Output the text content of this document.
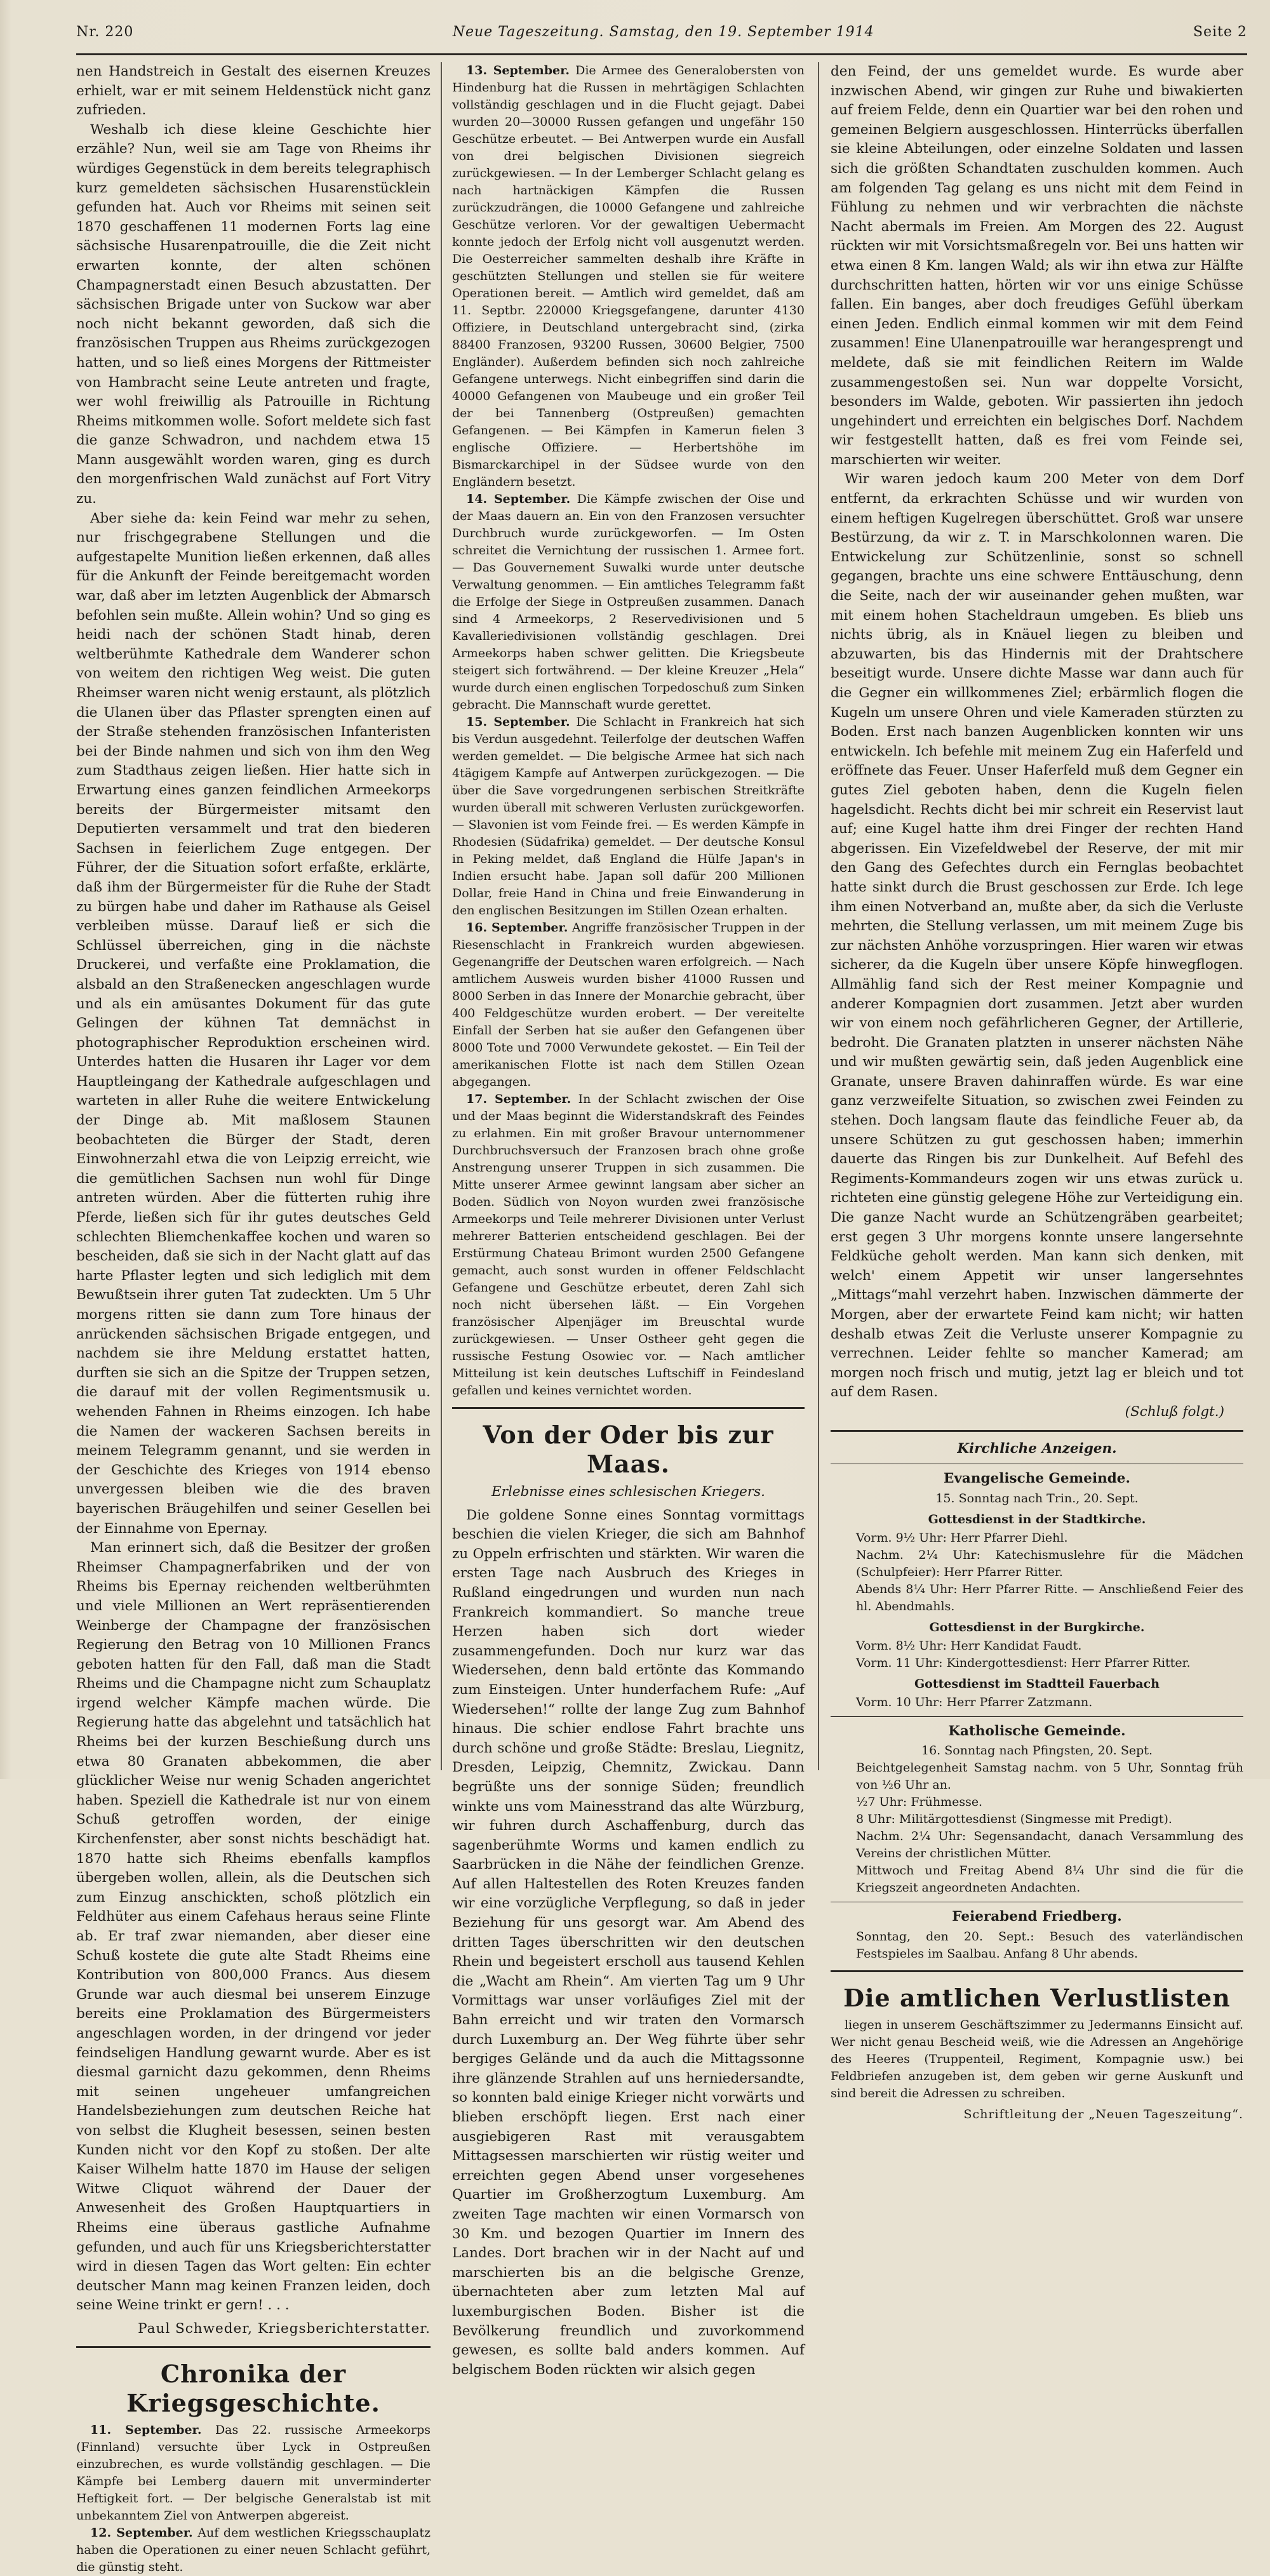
Nr. 220	Neue Tageszeitung. Samstag, den 19. September 1914	Seite 2

nen Handstreich in Gestalt des eisernen Kreuzes erhielt, war er mit seinem Heldenstück nicht ganz zufrieden.

Weshalb ich diese kleine Geschichte hier erzähle? Nun, weil sie am Tage von Rheims ihr würdiges Gegenstück in dem bereits telegraphisch kurz gemeldeten sächsischen Husarenstücklein gefunden hat. Auch vor Rheims mit seinen seit 1870 geschaffenen 11 modernen Forts lag eine sächsische Husarenpatrouille, die die Zeit nicht erwarten konnte, der alten schönen Champagnerstadt einen Besuch abzustatten. Der sächsischen Brigade unter von Suckow war aber noch nicht bekannt geworden, daß sich die französischen Truppen aus Rheims zurückgezogen hatten, und so ließ eines Morgens der Rittmeister von Hambracht seine Leute antreten und fragte, wer wohl freiwillig als Patrouille in Richtung Rheims mitkommen wolle. Sofort meldete sich fast die ganze Schwadron, und nachdem etwa 15 Mann ausgewählt worden waren, ging es durch den morgenfrischen Wald zunächst auf Fort Vitry zu.

Aber siehe da: kein Feind war mehr zu sehen, nur frischgegrabene Stellungen und die aufgestapelte Munition ließen erkennen, daß alles für die Ankunft der Feinde bereitgemacht worden war, daß aber im letzten Augenblick der Abmarsch befohlen sein mußte. Allein wohin? Und so ging es heidi nach der schönen Stadt hinab, deren weltberühmte Kathedrale dem Wanderer schon von weitem den richtigen Weg weist. Die guten Rheimser waren nicht wenig erstaunt, als plötzlich die Ulanen über das Pflaster sprengten einen auf der Straße stehenden französischen Infanteristen bei der Binde nahmen und sich von ihm den Weg zum Stadthaus zeigen ließen. Hier hatte sich in Erwartung eines ganzen feindlichen Armeekorps bereits der Bürgermeister mitsamt den Deputierten versammelt und trat den biederen Sachsen in feierlichem Zuge entgegen. Der Führer, der die Situation sofort erfaßte, erklärte, daß ihm der Bürgermeister für die Ruhe der Stadt zu bürgen habe und daher im Rathause als Geisel verbleiben müsse. Darauf ließ er sich die Schlüssel überreichen, ging in die nächste Druckerei, und verfaßte eine Proklamation, die alsbald an den Straßenecken angeschlagen wurde und als ein amüsantes Dokument für das gute Gelingen der kühnen Tat demnächst in photographischer Reproduktion erscheinen wird. Unterdes hatten die Husaren ihr Lager vor dem Hauptleingang der Kathedrale aufgeschlagen und warteten in aller Ruhe die weitere Entwickelung der Dinge ab. Mit maßlosem Staunen beobachteten die Bürger der Stadt, deren Einwohnerzahl etwa die von Leipzig erreicht, wie die gemütlichen Sachsen nun wohl für Dinge antreten würden. Aber die fütterten ruhig ihre Pferde, ließen sich für ihr gutes deutsches Geld schlechten Bliemchenkaffee kochen und waren so bescheiden, daß sie sich in der Nacht glatt auf das harte Pflaster legten und sich lediglich mit dem Bewußtsein ihrer guten Tat zudeckten. Um 5 Uhr morgens ritten sie dann zum Tore hinaus der anrückenden sächsischen Brigade entgegen, und nachdem sie ihre Meldung erstattet hatten, durften sie sich an die Spitze der Truppen setzen, die darauf mit der vollen Regimentsmusik u. wehenden Fahnen in Rheims einzogen. Ich habe die Namen der wackeren Sachsen bereits in meinem Telegramm genannt, und sie werden in der Geschichte des Krieges von 1914 ebenso unvergessen bleiben wie die des braven bayerischen Bräugehilfen und seiner Gesellen bei der Einnahme von Epernay.

Man erinnert sich, daß die Besitzer der großen Rheimser Champagnerfabriken und der von Rheims bis Epernay reichenden weltberühmten und viele Millionen an Wert repräsentierenden Weinberge der Champagne der französischen Regierung den Betrag von 10 Millionen Francs geboten hatten für den Fall, daß man die Stadt Rheims und die Champagne nicht zum Schauplatz irgend welcher Kämpfe machen würde. Die Regierung hatte das abgelehnt und tatsächlich hat Rheims bei der kurzen Beschießung durch uns etwa 80 Granaten abbekommen, die aber glücklicher Weise nur wenig Schaden angerichtet haben. Speziell die Kathedrale ist nur von einem Schuß getroffen worden, der einige Kirchenfenster, aber sonst nichts beschädigt hat. 1870 hatte sich Rheims ebenfalls kampflos übergeben wollen, allein, als die Deutschen sich zum Einzug anschickten, schoß plötzlich ein Feldhüter aus einem Cafehaus heraus seine Flinte ab. Er traf zwar niemanden, aber dieser eine Schuß kostete die gute alte Stadt Rheims eine Kontribution von 800,000 Francs. Aus diesem Grunde war auch diesmal bei unserem Einzuge bereits eine Proklamation des Bürgermeisters angeschlagen worden, in der dringend vor jeder feindseligen Handlung gewarnt wurde. Aber es ist diesmal garnicht dazu gekommen, denn Rheims mit seinen ungeheuer umfangreichen Handelsbeziehungen zum deutschen Reiche hat von selbst die Klugheit besessen, seinen besten Kunden nicht vor den Kopf zu stoßen. Der alte Kaiser Wilhelm hatte 1870 im Hause der seligen Witwe Cliquot während der Dauer der Anwesenheit des Großen Hauptquartiers in Rheims eine überaus gastliche Aufnahme gefunden, und auch für uns Kriegsberichterstatter wird in diesen Tagen das Wort gelten: Ein echter deutscher Mann mag keinen Franzen leiden, doch seine Weine trinkt er gern! . . .

Paul Schweder, Kriegsberichterstatter.
Chronika der Kriegsgeschichte.

11. September. Das 22. russische Armeekorps (Finnland) versuchte über Lyck in Ostpreußen einzubrechen, es wurde vollständig geschlagen. — Die Kämpfe bei Lemberg dauern mit unverminderter Heftigkeit fort. — Der belgische Generalstab ist mit unbekanntem Ziel von Antwerpen abgereist.

12. September. Auf dem westlichen Kriegsschauplatz haben die Operationen zu einer neuen Schlacht geführt, die günstig steht.

13. September. Die Armee des Generalobersten von Hindenburg hat die Russen in mehrtägigen Schlachten vollständig geschlagen und in die Flucht gejagt. Dabei wurden 20—30000 Russen gefangen und ungefähr 150 Geschütze erbeutet. — Bei Antwerpen wurde ein Ausfall von drei belgischen Divisionen siegreich zurückgewiesen. — In der Lemberger Schlacht gelang es nach hartnäckigen Kämpfen die Russen zurückzudrängen, die 10000 Gefangene und zahlreiche Geschütze verloren. Vor der gewaltigen Uebermacht konnte jedoch der Erfolg nicht voll ausgenutzt werden. Die Oesterreicher sammelten deshalb ihre Kräfte in geschützten Stellungen und stellen sie für weitere Operationen bereit. — Amtlich wird gemeldet, daß am 11. Septbr. 220000 Kriegsgefangene, darunter 4130 Offiziere, in Deutschland untergebracht sind, (zirka 88400 Franzosen, 93200 Russen, 30600 Belgier, 7500 Engländer). Außerdem befinden sich noch zahlreiche Gefangene unterwegs. Nicht einbegriffen sind darin die 40000 Gefangenen von Maubeuge und ein großer Teil der bei Tannenberg (Ostpreußen) gemachten Gefangenen. — Bei Kämpfen in Kamerun fielen 3 englische Offiziere. — Herbertshöhe im Bismarckarchipel in der Südsee wurde von den Engländern besetzt.

14. September. Die Kämpfe zwischen der Oise und der Maas dauern an. Ein von den Franzosen versuchter Durchbruch wurde zurückgeworfen. — Im Osten schreitet die Vernichtung der russischen 1. Armee fort. — Das Gouvernement Suwalki wurde unter deutsche Verwaltung genommen. — Ein amtliches Telegramm faßt die Erfolge der Siege in Ostpreußen zusammen. Danach sind 4 Armeekorps, 2 Reservedivisionen und 5 Kavalleriedivisionen vollständig geschlagen. Drei Armeekorps haben schwer gelitten. Die Kriegsbeute steigert sich fortwährend. — Der kleine Kreuzer „Hela“ wurde durch einen englischen Torpedoschuß zum Sinken gebracht. Die Mannschaft wurde gerettet.

15. September. Die Schlacht in Frankreich hat sich bis Verdun ausgedehnt. Teilerfolge der deutschen Waffen werden gemeldet. — Die belgische Armee hat sich nach 4tägigem Kampfe auf Antwerpen zurückgezogen. — Die über die Save vorgedrungenen serbischen Streitkräfte wurden überall mit schweren Verlusten zurückgeworfen. — Slavonien ist vom Feinde frei. — Es werden Kämpfe in Rhodesien (Südafrika) gemeldet. — Der deutsche Konsul in Peking meldet, daß England die Hülfe Japan's in Indien ersucht habe. Japan soll dafür 200 Millionen Dollar, freie Hand in China und freie Einwanderung in den englischen Besitzungen im Stillen Ozean erhalten.

16. September. Angriffe französischer Truppen in der Riesenschlacht in Frankreich wurden abgewiesen. Gegenangriffe der Deutschen waren erfolgreich. — Nach amtlichem Ausweis wurden bisher 41000 Russen und 8000 Serben in das Innere der Monarchie gebracht, über 400 Feldgeschütze wurden erobert. — Der vereitelte Einfall der Serben hat sie außer den Gefangenen über 8000 Tote und 7000 Verwundete gekostet. — Ein Teil der amerikanischen Flotte ist nach dem Stillen Ozean abgegangen.

17. September. In der Schlacht zwischen der Oise und der Maas beginnt die Widerstandskraft des Feindes zu erlahmen. Ein mit großer Bravour unternommener Durchbruchsversuch der Franzosen brach ohne große Anstrengung unserer Truppen in sich zusammen. Die Mitte unserer Armee gewinnt langsam aber sicher an Boden. Südlich von Noyon wurden zwei französische Armeekorps und Teile mehrerer Divisionen unter Verlust mehrerer Batterien entscheidend geschlagen. Bei der Erstürmung Chateau Brimont wurden 2500 Gefangene gemacht, auch sonst wurden in offener Feldschlacht Gefangene und Geschütze erbeutet, deren Zahl sich noch nicht übersehen läßt. — Ein Vorgehen französischer Alpenjäger im Breuschtal wurde zurückgewiesen. — Unser Ostheer geht gegen die russische Festung Osowiec vor. — Nach amtlicher Mitteilung ist kein deutsches Luftschiff in Feindesland gefallen und keines vernichtet worden.

Von der Oder bis zur Maas.
Erlebnisse eines schlesischen Kriegers.

Die goldene Sonne eines Sonntag vormittags beschien die vielen Krieger, die sich am Bahnhof zu Oppeln erfrischten und stärkten. Wir waren die ersten Tage nach Ausbruch des Krieges in Rußland eingedrungen und wurden nun nach Frankreich kommandiert. So manche treue Herzen haben sich dort wieder zusammengefunden. Doch nur kurz war das Wiedersehen, denn bald ertönte das Kommando zum Einsteigen. Unter hunderfachem Rufe: „Auf Wiedersehen!“ rollte der lange Zug zum Bahnhof hinaus. Die schier endlose Fahrt brachte uns durch schöne und große Städte: Breslau, Liegnitz, Dresden, Leipzig, Chemnitz, Zwickau. Dann begrüßte uns der sonnige Süden; freundlich winkte uns vom Mainesstrand das alte Würzburg, wir fuhren durch Aschaffenburg, durch das sagenberühmte Worms und kamen endlich zu Saarbrücken in die Nähe der feindlichen Grenze. Auf allen Haltestellen des Roten Kreuzes fanden wir eine vorzügliche Verpflegung, so daß in jeder Beziehung für uns gesorgt war. Am Abend des dritten Tages überschritten wir den deutschen Rhein und begeistert erscholl aus tausend Kehlen die „Wacht am Rhein“. Am vierten Tag um 9 Uhr Vormittags war unser vorläufiges Ziel mit der Bahn erreicht und wir traten den Vormarsch durch Luxemburg an. Der Weg führte über sehr bergiges Gelände und da auch die Mittagssonne ihre glänzende Strahlen auf uns herniedersandte, so konnten bald einige Krieger nicht vorwärts und blieben erschöpft liegen. Erst nach einer ausgiebigeren Rast mit verausgabtem Mittagsessen marschierten wir rüstig weiter und erreichten gegen Abend unser vorgesehenes Quartier im Großherzogtum Luxemburg. Am zweiten Tage machten wir einen Vormarsch von 30 Km. und bezogen Quartier im Innern des Landes. Dort brachen wir in der Nacht auf und marschierten bis an die belgische Grenze, übernachteten aber zum letzten Mal auf luxemburgischen Boden. Bisher ist die Bevölkerung freundlich und zuvorkommend gewesen, es sollte bald anders kommen. Auf belgischem Boden rückten wir alsich gegen

den Feind, der uns gemeldet wurde. Es wurde aber inzwischen Abend, wir gingen zur Ruhe und biwakierten auf freiem Felde, denn ein Quartier war bei den rohen und gemeinen Belgiern ausgeschlossen. Hinterrücks überfallen sie kleine Abteilungen, oder einzelne Soldaten und lassen sich die größten Schandtaten zuschulden kommen. Auch am folgenden Tag gelang es uns nicht mit dem Feind in Fühlung zu nehmen und wir verbrachten die nächste Nacht abermals im Freien. Am Morgen des 22. August rückten wir mit Vorsichtsmaßregeln vor. Bei uns hatten wir etwa einen 8 Km. langen Wald; als wir ihn etwa zur Hälfte durchschritten hatten, hörten wir vor uns einige Schüsse fallen. Ein banges, aber doch freudiges Gefühl überkam einen Jeden. Endlich einmal kommen wir mit dem Feind zusammen! Eine Ulanenpatrouille war herangesprengt und meldete, daß sie mit feindlichen Reitern im Walde zusammengestoßen sei. Nun war doppelte Vorsicht, besonders im Walde, geboten. Wir passierten ihn jedoch ungehindert und erreichten ein belgisches Dorf. Nachdem wir festgestellt hatten, daß es frei vom Feinde sei, marschierten wir weiter.

Wir waren jedoch kaum 200 Meter von dem Dorf entfernt, da erkrachten Schüsse und wir wurden von einem heftigen Kugelregen überschüttet. Groß war unsere Bestürzung, da wir z. T. in Marschkolonnen waren. Die Entwickelung zur Schützenlinie, sonst so schnell gegangen, brachte uns eine schwere Enttäuschung, denn die Seite, nach der wir auseinander gehen mußten, war mit einem hohen Stacheldraun umgeben. Es blieb uns nichts übrig, als in Knäuel liegen zu bleiben und abzuwarten, bis das Hindernis mit der Drahtschere beseitigt wurde. Unsere dichte Masse war dann auch für die Gegner ein willkommenes Ziel; erbärmlich flogen die Kugeln um unsere Ohren und viele Kameraden stürzten zu Boden. Erst nach banzen Augenblicken konnten wir uns entwickeln. Ich befehle mit meinem Zug ein Haferfeld und eröffnete das Feuer. Unser Haferfeld muß dem Gegner ein gutes Ziel geboten haben, denn die Kugeln fielen hagelsdicht. Rechts dicht bei mir schreit ein Reservist laut auf; eine Kugel hatte ihm drei Finger der rechten Hand abgerissen. Ein Vizefeldwebel der Reserve, der mit mir den Gang des Gefechtes durch ein Fernglas beobachtet hatte sinkt durch die Brust geschossen zur Erde. Ich lege ihm einen Notverband an, mußte aber, da sich die Verluste mehrten, die Stellung verlassen, um mit meinem Zuge bis zur nächsten Anhöhe vorzuspringen. Hier waren wir etwas sicherer, da die Kugeln über unsere Köpfe hinwegflogen. Allmählig fand sich der Rest meiner Kompagnie und anderer Kompagnien dort zusammen. Jetzt aber wurden wir von einem noch gefährlicheren Gegner, der Artillerie, bedroht. Die Granaten platzten in unserer nächsten Nähe und wir mußten gewärtig sein, daß jeden Augenblick eine Granate, unsere Braven dahinraffen würde. Es war eine ganz verzweifelte Situation, so zwischen zwei Feinden zu stehen. Doch langsam flaute das feindliche Feuer ab, da unsere Schützen zu gut geschossen haben; immerhin dauerte das Ringen bis zur Dunkelheit. Auf Befehl des Regiments-Kommandeurs zogen wir uns etwas zurück u. richteten eine günstig gelegene Höhe zur Verteidigung ein. Die ganze Nacht wurde an Schützengräben gearbeitet; erst gegen 3 Uhr morgens konnte unsere langersehnte Feldküche geholt werden. Man kann sich denken, mit welch' einem Appetit wir unser langersehntes „Mittags“mahl verzehrt haben. Inzwischen dämmerte der Morgen, aber der erwartete Feind kam nicht; wir hatten deshalb etwas Zeit die Verluste unserer Kompagnie zu verrechnen. Leider fehlte so mancher Kamerad; am morgen noch frisch und mutig, jetzt lag er bleich und tot auf dem Rasen.

(Schluß folgt.)
Kirchliche Anzeigen.
Evangelische Gemeinde.
15. Sonntag nach Trin., 20. Sept.
Gottesdienst in der Stadtkirche.
Vorm. 9½ Uhr: Herr Pfarrer Diehl.
Nachm. 2¼ Uhr: Katechismuslehre für die Mädchen (Schulpfeier): Herr Pfarrer Ritter.
Abends 8¼ Uhr: Herr Pfarrer Ritte. — Anschließend Feier des hl. Abendmahls.
Gottesdienst in der Burgkirche.
Vorm. 8½ Uhr: Herr Kandidat Faudt.
Vorm. 11 Uhr: Kindergottesdienst: Herr Pfarrer Ritter.
Gottesdienst im Stadtteil Fauerbach
Vorm. 10 Uhr: Herr Pfarrer Zatzmann.
Katholische Gemeinde.
16. Sonntag nach Pfingsten, 20. Sept.
Beichtgelegenheit Samstag nachm. von 5 Uhr, Sonntag früh von ½6 Uhr an.
½7 Uhr: Frühmesse.
8 Uhr: Militärgottesdienst (Singmesse mit Predigt).
Nachm. 2¼ Uhr: Segensandacht, danach Versammlung des Vereins der christlichen Mütter.
Mittwoch und Freitag Abend 8¼ Uhr sind die für die Kriegszeit angeordneten Andachten.
Feierabend Friedberg.
Sonntag, den 20. Sept.: Besuch des vaterländischen Festspieles im Saalbau. Anfang 8 Uhr abends.
Die amtlichen Verlustlisten

liegen in unserem Geschäftszimmer zu Jedermanns Einsicht auf. Wer nicht genau Bescheid weiß, wie die Adressen an Angehörige des Heeres (Truppenteil, Regiment, Kompagnie usw.) bei Feldbriefen anzugeben ist, dem geben wir gerne Auskunft und sind bereit die Adressen zu schreiben.

Schriftleitung der „Neuen Tageszeitung“.
